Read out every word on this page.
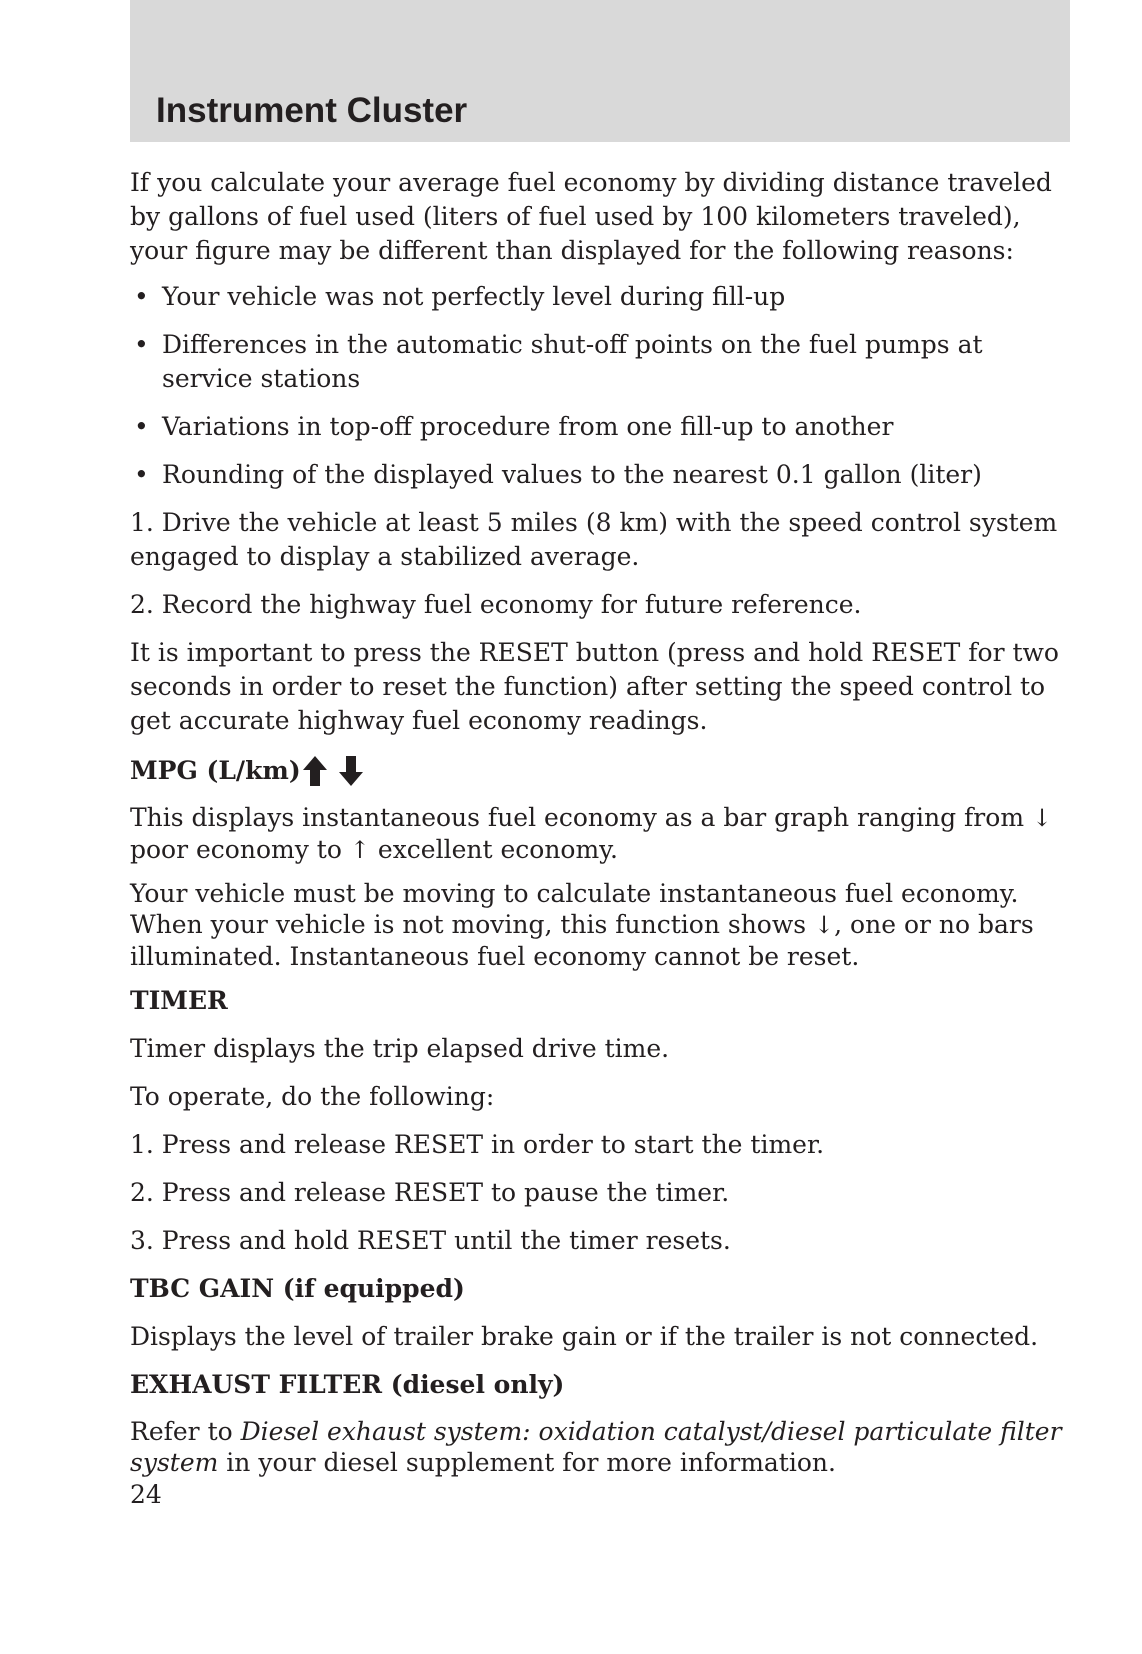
Instrument Cluster

If you calculate your average fuel economy by dividing distance traveled by gallons of fuel used (liters of fuel used by 100 kilometers traveled), your figure may be different than displayed for the following reasons:

• Your vehicle was not perfectly level during fill-up
• Differences in the automatic shut-off points on the fuel pumps at service stations
• Variations in top-off procedure from one fill-up to another
• Rounding of the displayed values to the nearest 0.1 gallon (liter)

1. Drive the vehicle at least 5 miles (8 km) with the speed control system engaged to display a stabilized average.

2. Record the highway fuel economy for future reference.

It is important to press the RESET button (press and hold RESET for two seconds in order to reset the function) after setting the speed control to get accurate highway fuel economy readings.

MPG (L/km)

This displays instantaneous fuel economy as a bar graph ranging from ↓ poor economy to ↑ excellent economy.

Your vehicle must be moving to calculate instantaneous fuel economy. When your vehicle is not moving, this function shows ↓, one or no bars illuminated. Instantaneous fuel economy cannot be reset.

TIMER

Timer displays the trip elapsed drive time.

To operate, do the following:

1. Press and release RESET in order to start the timer.

2. Press and release RESET to pause the timer.

3. Press and hold RESET until the timer resets.

TBC GAIN (if equipped)

Displays the level of trailer brake gain or if the trailer is not connected.

EXHAUST FILTER (diesel only)

Refer to Diesel exhaust system: oxidation catalyst/diesel particulate filter system in your diesel supplement for more information.

24
